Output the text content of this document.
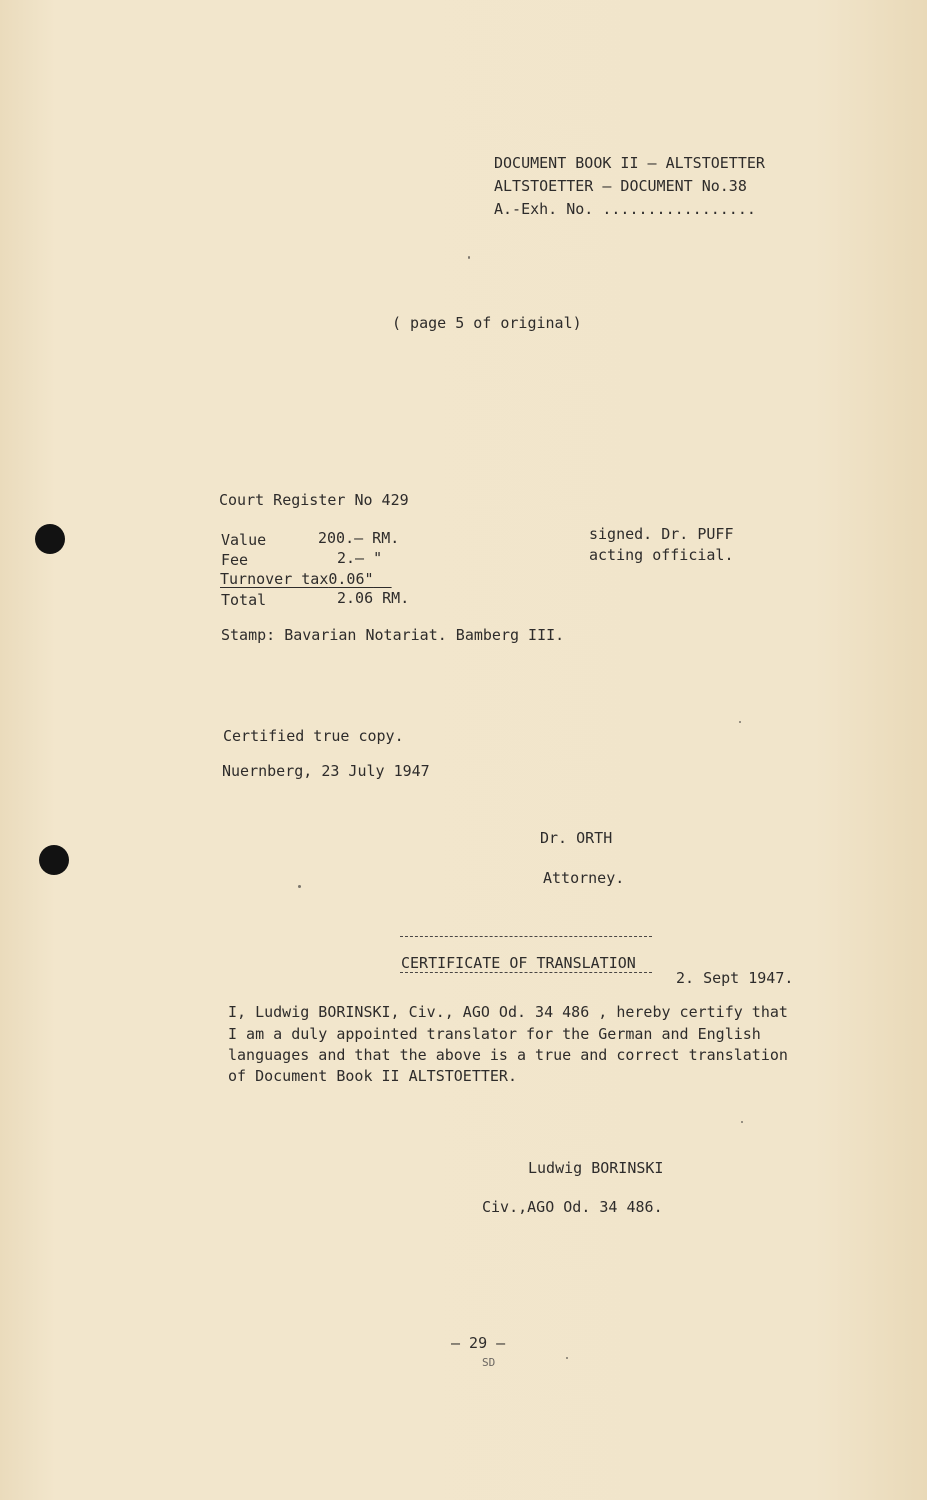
DOCUMENT BOOK II – ALTSTOETTER

ALTSTOETTER – DOCUMENT No.38

A.-Exh. No. .................

( page 5 of original)

Court Register No 429

Value	200.– RM.

Fee	2.– "

Turnover tax0.06"

Total	2.06 RM.

signed. Dr. PUFF

acting official.

Stamp: Bavarian Notariat. Bamberg III.

Certified true copy.

Nuernberg, 23 July 1947

Dr. ORTH

Attorney.

CERTIFICATE OF TRANSLATION

2. Sept 1947.

I, Ludwig BORINSKI, Civ., AGO Od. 34 486 , hereby certify that

I am a duly appointed translator for the German and English

languages and that the above is a true and correct translation

of Document Book II ALTSTOETTER.

Ludwig BORINSKI

Civ.,AGO Od. 34 486.

– 29 –

SD
